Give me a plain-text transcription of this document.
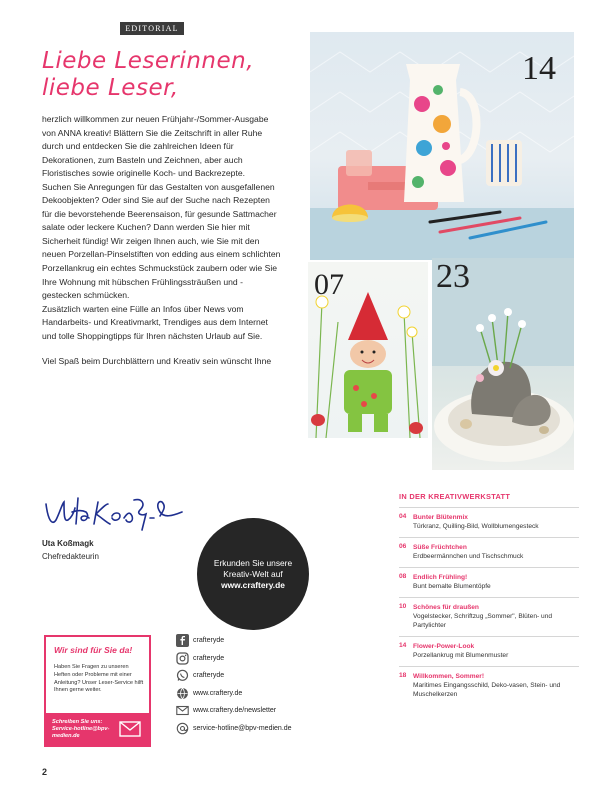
EDITORIAL
Liebe Leserinnen,
liebe Leser,

herzlich willkommen zur neuen Frühjahr-/Sommer-Ausgabe von ANNA kreativ! Blättern Sie die Zeitschrift in aller Ruhe durch und entdecken Sie die zahlreichen Ideen für Dekorationen, zum Basteln und Zeichnen, aber auch Floristisches sowie originelle Koch- und Backrezepte.

Suchen Sie Anregungen für das Gestalten von ausgefallenen Dekoobjekten? Oder sind Sie auf der Suche nach Rezepten für die bevorstehende Beerensaison, für gesunde Sattmacher salate oder leckere Kuchen? Dann werden Sie hier mit Sicherheit fündig! Wir zeigen Ihnen auch, wie Sie mit den neuen Porzellan-Pinselstiften von edding aus einem schlichten Porzellankrug ein echtes Schmuckstück zaubern oder wie Sie Ihre Wohnung mit hübschen Frühlingssträußen und -gestecken schmücken.

Zusätzlich warten eine Fülle an Infos über News vom Handarbeits- und Kreativmarkt, Trendiges aus dem Internet und tolle Shoppingtipps für Ihren nächsten Urlaub auf Sie.

Viel Spaß beim Durchblättern und Kreativ sein wünscht Ihne

Uta Koßmagk
Chefredakteurin
Erkunden Sie unsere
Kreativ-Welt auf
www.craftery.de
14
07	23
IN DER KREATIVWERKSTATT
04 Bunter Blütenmix
Türkranz, Quilling-Bild, Wollblumengesteck
06 Süße Früchtchen
Erdbeermännchen und Tischschmuck
08 Endlich Frühling!
Bunt bemalte Blumentöpfe
10 Schönes für draußen
Vogelstecker, Schriftzug „Sommer", Blüten- und Partylichter
14 Flower-Power-Look
Porzellankrug mit Blumenmuster
18 Willkommen, Sommer!
Maritimes Eingangsschild, Deko-vasen, Stein- und Muschelkerzen
Wir sind für Sie da!
Haben Sie Fragen zu unseren Heften oder Probleme mit einer Anleitung? Unser Leser-Service hilft Ihnen gerne weiter.
Schreiben Sie uns:
Service-hotline@bpv-medien.de
crafteryde
crafteryde
crafteryde
www.craftery.de
www.craftery.de/newsletter
service-hotline@bpv-medien.de
2
